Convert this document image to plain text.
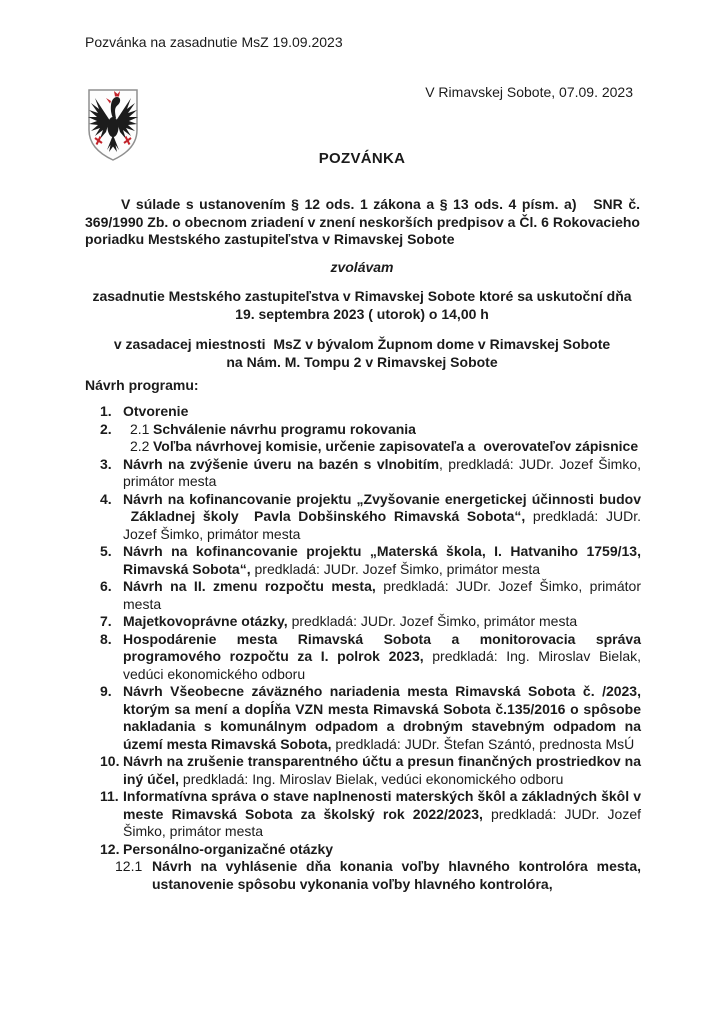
Pozvánka na zasadnutie MsZ 19.09.2023
V Rimavskej Sobote, 07.09. 2023
POZVÁNKA

V súlade s ustanovením § 12 ods. 1 zákona a § 13 ods. 4 písm. a)   SNR č. 369/1990 Zb. o obecnom zriadení v znení neskorších predpisov a Čl. 6 Rokovacieho poriadku Mestského zastupiteľstva v Rimavskej Sobote

zvolávam
zasadnutie Mestského zastupiteľstva v Rimavskej Sobote ktoré sa uskutoční dňa
19. septembra 2023 ( utorok) o 14,00 h
v zasadacej miestnosti  MsZ v bývalom Župnom dome v Rimavskej Sobote
na Nám. M. Tompu 2 v Rimavskej Sobote
Návrh programu:
1. Otvorenie
2. 2.1 Schválenie návrhu programu rokovania
2.2 Voľba návrhovej komisie, určenie zapisovateľa a  overovateľov zápisnice
3. Návrh na zvýšenie úveru na bazén s vlnobitím, predkladá: JUDr. Jozef Šimko, primátor mesta
4. Návrh na kofinancovanie projektu „Zvyšovanie energetickej účinnosti budov  Základnej školy  Pavla Dobšinského Rimavská Sobota“, predkladá: JUDr. Jozef Šimko, primátor mesta
5. Návrh na kofinancovanie projektu „Materská škola, I. Hatvaniho 1759/13, Rimavská Sobota“, predkladá: JUDr. Jozef Šimko, primátor mesta
6. Návrh na II. zmenu rozpočtu mesta, predkladá: JUDr. Jozef Šimko, primátor mesta
7. Majetkovoprávne otázky, predkladá: JUDr. Jozef Šimko, primátor mesta
8. Hospodárenie mesta Rimavská Sobota a monitorovacia správa programového rozpočtu za I. polrok 2023, predkladá: Ing. Miroslav Bielak, vedúci ekonomického odboru
9. Návrh Všeobecne záväzného nariadenia mesta Rimavská Sobota č. /2023, ktorým sa mení a dopĺňa VZN mesta Rimavská Sobota č.135/2016 o spôsobe nakladania s komunálnym odpadom a drobným stavebným odpadom na území mesta Rimavská Sobota, predkladá: JUDr. Štefan Szántó, prednosta MsÚ
10. Návrh na zrušenie transparentného účtu a presun finančných prostriedkov na iný účel, predkladá: Ing. Miroslav Bielak, vedúci ekonomického odboru
11. Informatívna správa o stave naplnenosti materských škôl a základných škôl v meste Rimavská Sobota za školský rok 2022/2023, predkladá: JUDr. Jozef Šimko, primátor mesta
12. Personálno-organizačné otázky
12.1 Návrh na vyhlásenie dňa konania voľby hlavného kontrolóra mesta, ustanovenie spôsobu vykonania voľby hlavného kontrolóra,
